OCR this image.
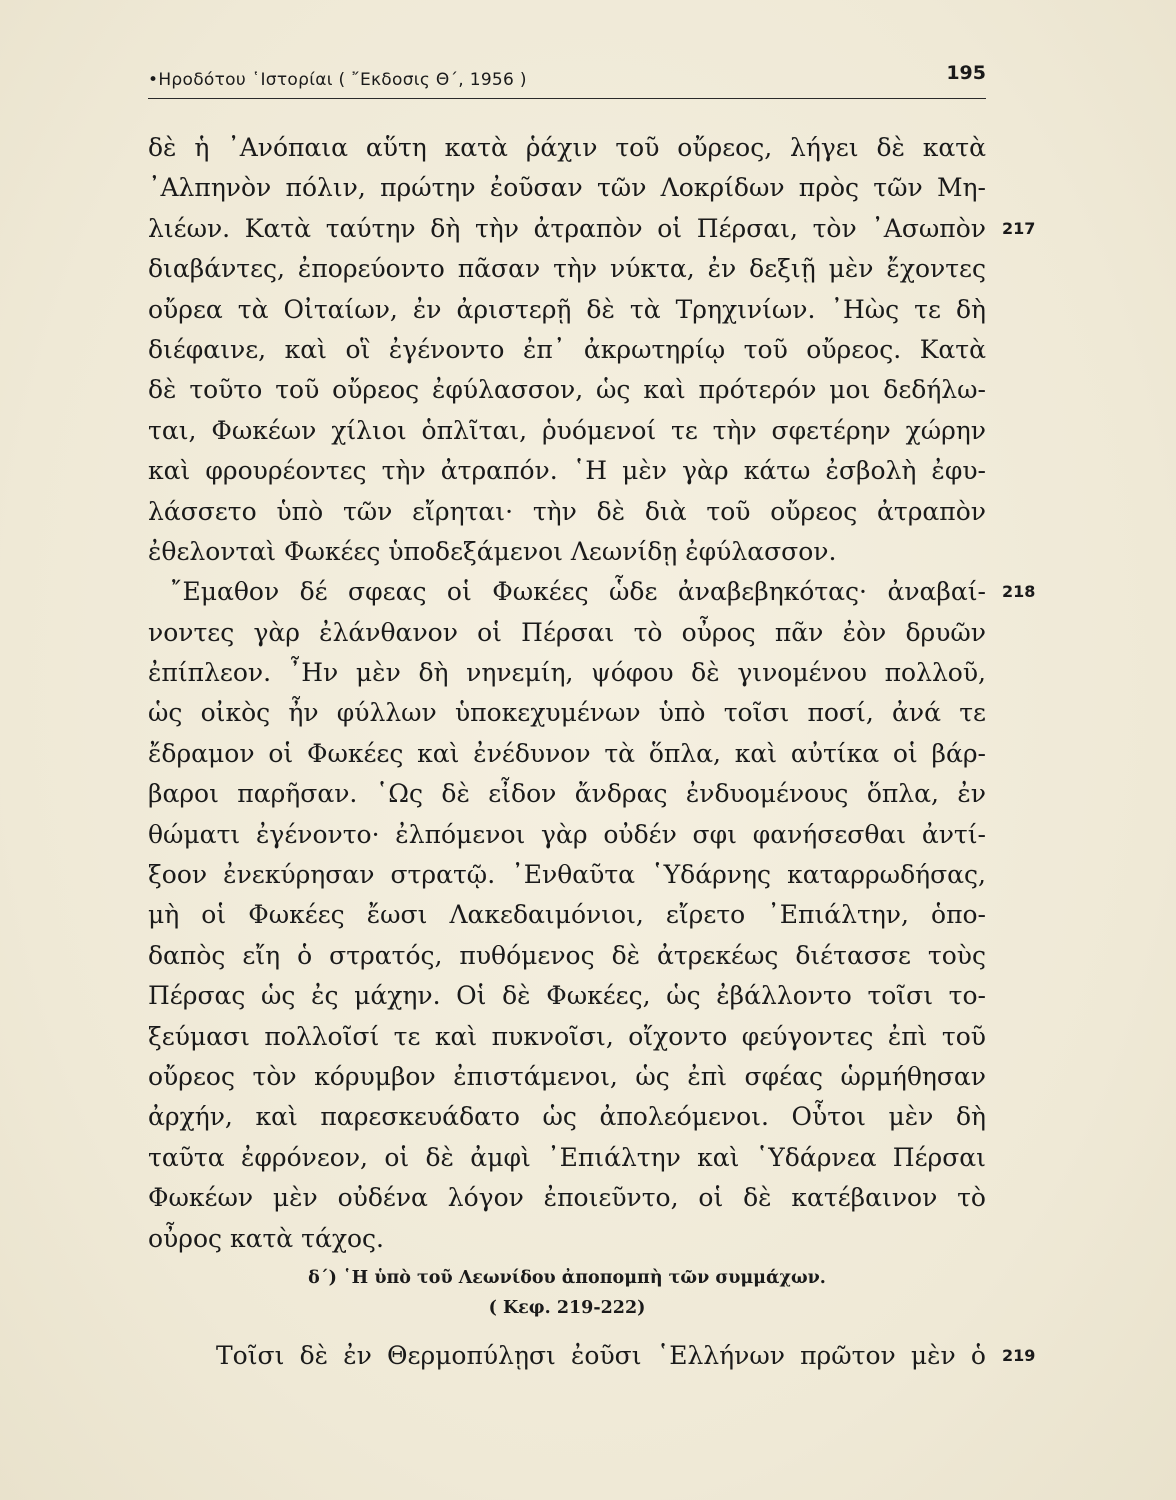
•Ηροδότου ῾Ιστορίαι ( ῎Εκδοσις Θ΄, 1956 )	195
δὲ ἡ ᾿Ανόπαια αὕτη κατὰ ῥάχιν τοῦ οὔρεος, λήγει δὲ κατὰ
᾿Αλπηνὸν πόλιν, πρώτην ἐοῦσαν τῶν Λοκρίδων πρὸς τῶν Μη-
λιέων. Κατὰ ταύτην δὴ τὴν ἀτραπὸν οἱ Πέρσαι, τὸν ᾿Ασωπὸν 217
διαβάντες, ἐπορεύοντο πᾶσαν τὴν νύκτα, ἐν δεξιῇ μὲν ἔχοντες
οὔρεα τὰ Οἰταίων, ἐν ἀριστερῇ δὲ τὰ Τρηχινίων. ᾿Ηὼς τε δὴ
διέφαινε, καὶ οἳ ἐγένοντο ἐπ᾿ ἀκρωτηρίῳ τοῦ οὔρεος. Κατὰ
δὲ τοῦτο τοῦ οὔρεος ἐφύλασσον, ὡς καὶ πρότερόν μοι δεδήλω-
ται, Φωκέων χίλιοι ὁπλῖται, ῥυόμενοί τε τὴν σφετέρην χώρην
καὶ φρουρέοντες τὴν ἀτραπόν. ῾Η μὲν γὰρ κάτω ἐσβολὴ ἐφυ-
λάσσετο ὑπὸ τῶν εἴρηται· τὴν δὲ διὰ τοῦ οὔρεος ἀτραπὸν
ἐθελονταὶ Φωκέες ὑποδεξάμενοι Λεωνίδῃ ἐφύλασσον.
῎Εμαθον δέ σφεας οἱ Φωκέες ὧδε ἀναβεβηκότας· ἀναβαί- 218
νοντες γὰρ ἐλάνθανον οἱ Πέρσαι τὸ οὖρος πᾶν ἐὸν δρυῶν
ἐπίπλεον. ῏Ην μὲν δὴ νηνεμίη, ψόφου δὲ γινομένου πολλοῦ,
ὡς οἰκὸς ἦν φύλλων ὑποκεχυμένων ὑπὸ τοῖσι ποσί, ἀνά τε
ἔδραμον οἱ Φωκέες καὶ ἐνέδυνον τὰ ὅπλα, καὶ αὐτίκα οἱ βάρ-
βαροι παρῆσαν. ῾Ως δὲ εἶδον ἄνδρας ἐνδυομένους ὅπλα, ἐν
θώματι ἐγένοντο· ἐλπόμενοι γὰρ οὐδέν σφι φανήσεσθαι ἀντί-
ξοον ἐνεκύρησαν στρατῷ. ᾿Ενθαῦτα ῾Υδάρνης καταρρωδήσας,
μὴ οἱ Φωκέες ἔωσι Λακεδαιμόνιοι, εἴρετο ᾿Επιάλτην, ὁπο-
δαπὸς εἴη ὁ στρατός, πυθόμενος δὲ ἀτρεκέως διέτασσε τοὺς
Πέρσας ὡς ἐς μάχην. Οἱ δὲ Φωκέες, ὡς ἐβάλλοντο τοῖσι το-
ξεύμασι πολλοῖσί τε καὶ πυκνοῖσι, οἴχοντο φεύγοντες ἐπὶ τοῦ
οὔρεος τὸν κόρυμβον ἐπιστάμενοι, ὡς ἐπὶ σφέας ὡρμήθησαν
ἀρχήν, καὶ παρεσκευάδατο ὡς ἀπολεόμενοι. Οὗτοι μὲν δὴ
ταῦτα ἐφρόνεον, οἱ δὲ ἀμφὶ ᾿Επιάλτην καὶ ῾Υδάρνεα Πέρσαι
Φωκέων μὲν οὐδένα λόγον ἐποιεῦντο, οἱ δὲ κατέβαινον τὸ
οὖρος κατὰ τάχος.
δ΄) ῾Η ὑπὸ τοῦ Λεωνίδου ἀποπομπὴ τῶν συμμάχων.
( Κεφ. 219-222)
Τοῖσι δὲ ἐν Θερμοπύλῃσι ἐοῦσι ῾Ελλήνων πρῶτον μὲν ὁ 219
